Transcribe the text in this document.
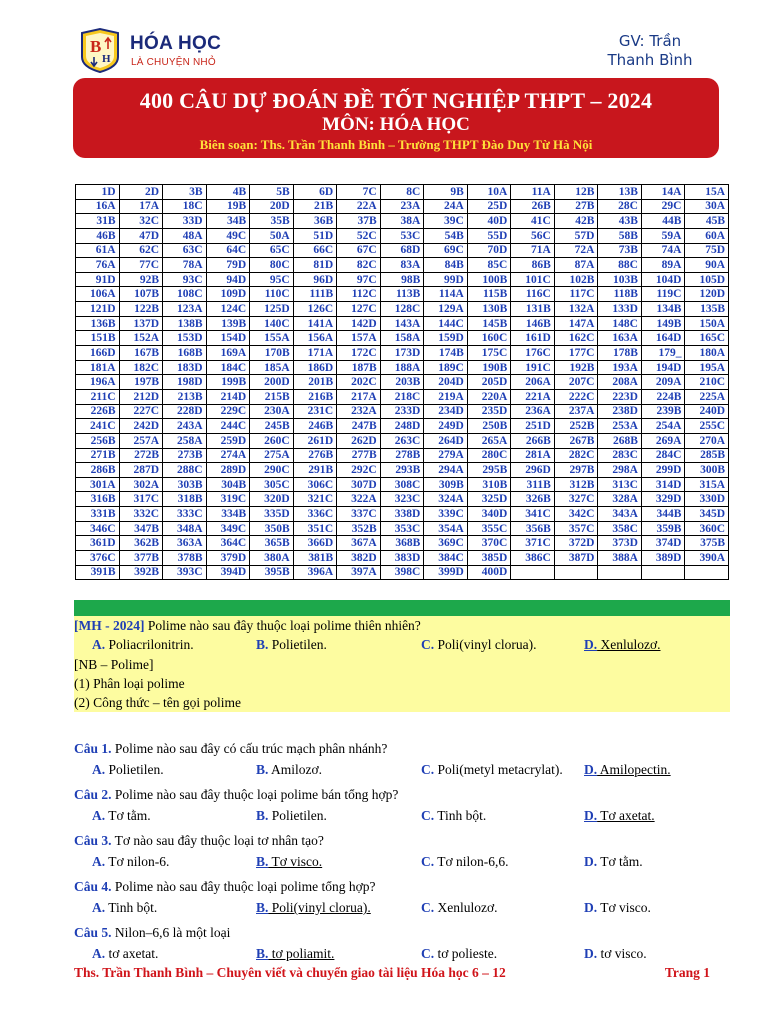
B
H
HÓA HỌC
LÀ CHUYỆN NHỎ
GV: Trần
Thanh Bình
400 CÂU DỰ ĐOÁN ĐỀ TỐT NGHIỆP THPT – 2024
MÔN: HÓA HỌC
Biên soạn: Ths. Trần Thanh Bình – Trường THPT Đào Duy Từ Hà Nội
1D	2D	3B	4B	5B	6D	7C	8C	9B	10A	11A	12B	13B	14A	15A
16A	17A	18C	19B	20D	21B	22A	23A	24A	25D	26B	27B	28C	29C	30A
31B	32C	33D	34B	35B	36B	37B	38A	39C	40D	41C	42B	43B	44B	45B
46B	47D	48A	49C	50A	51D	52C	53C	54B	55D	56C	57D	58B	59A	60A
61A	62C	63C	64C	65C	66C	67C	68D	69C	70D	71A	72A	73B	74A	75D
76A	77C	78A	79D	80C	81D	82C	83A	84B	85C	86B	87A	88C	89A	90A
91D	92B	93C	94D	95C	96D	97C	98B	99D	100B	101C	102B	103B	104D	105D
106A	107B	108C	109D	110C	111B	112C	113B	114A	115B	116C	117C	118B	119C	120D
121D	122B	123A	124C	125D	126C	127C	128C	129A	130B	131B	132A	133D	134B	135B
136B	137D	138B	139B	140C	141A	142D	143A	144C	145B	146B	147A	148C	149B	150A
151B	152A	153D	154D	155A	156A	157A	158A	159D	160C	161D	162C	163A	164D	165C
166D	167B	168B	169A	170B	171A	172C	173D	174B	175C	176C	177C	178B	179_	180A
181A	182C	183D	184C	185A	186D	187B	188A	189C	190B	191C	192B	193A	194D	195A
196A	197B	198D	199B	200D	201B	202C	203B	204D	205D	206A	207C	208A	209A	210C
211C	212D	213B	214D	215B	216B	217A	218C	219A	220A	221A	222C	223D	224B	225A
226B	227C	228D	229C	230A	231C	232A	233D	234D	235D	236A	237A	238D	239B	240D
241C	242D	243A	244C	245B	246B	247B	248D	249D	250B	251D	252B	253A	254A	255C
256B	257A	258A	259D	260C	261D	262D	263C	264D	265A	266B	267B	268B	269A	270A
271B	272B	273B	274A	275A	276B	277B	278B	279A	280C	281A	282C	283C	284C	285B
286B	287D	288C	289D	290C	291B	292C	293B	294A	295B	296D	297B	298A	299D	300B
301A	302A	303B	304B	305C	306C	307D	308C	309B	310B	311B	312B	313C	314D	315A
316B	317C	318B	319C	320D	321C	322A	323C	324A	325D	326B	327C	328A	329D	330D
331B	332C	333C	334B	335D	336C	337C	338D	339C	340D	341C	342C	343A	344B	345D
346C	347B	348A	349C	350B	351C	352B	353C	354A	355C	356B	357C	358C	359B	360C
361D	362B	363A	364C	365B	366D	367A	368B	369C	370C	371C	372D	373D	374D	375B
376C	377B	378B	379D	380A	381B	382D	383D	384C	385D	386C	387D	388A	389D	390A
391B	392B	393C	394D	395B	396A	397A	398C	399D	400D					
[MH - 2024] Polime nào sau đây thuộc loại polime thiên nhiên?
A. Poliacrilonitrin.	B. Polietilen.	C. Poli(vinyl clorua).	D. Xenlulozơ.
[NB – Polime]
(1) Phân loại polime
(2) Công thức – tên gọi polime
Câu 1. Polime nào sau đây có cấu trúc mạch phân nhánh?
A. Polietilen.	B. Amilozơ.	C. Poli(metyl metacrylat). D. Amilopectin.
Câu 2. Polime nào sau đây thuộc loại polime bán tổng hợp?
A. Tơ tằm.	B. Polietilen.	C. Tinh bột.	D. Tơ axetat.
Câu 3. Tơ nào sau đây thuộc loại tơ nhân tạo?
A. Tơ nilon-6.	B. Tơ visco.	C. Tơ nilon-6,6.	D. Tơ tằm.
Câu 4. Polime nào sau đây thuộc loại polime tổng hợp?
A. Tinh bột.	B. Poli(vinyl clorua).	C. Xenlulozơ.	D. Tơ visco.
Câu 5. Nilon–6,6 là một loại
A. tơ axetat.	B. tơ poliamit.	C. tơ polieste.	D. tơ visco.
Ths. Trần Thanh Bình – Chuyên viết và chuyển giao tài liệu Hóa học 6 – 12	Trang 1
